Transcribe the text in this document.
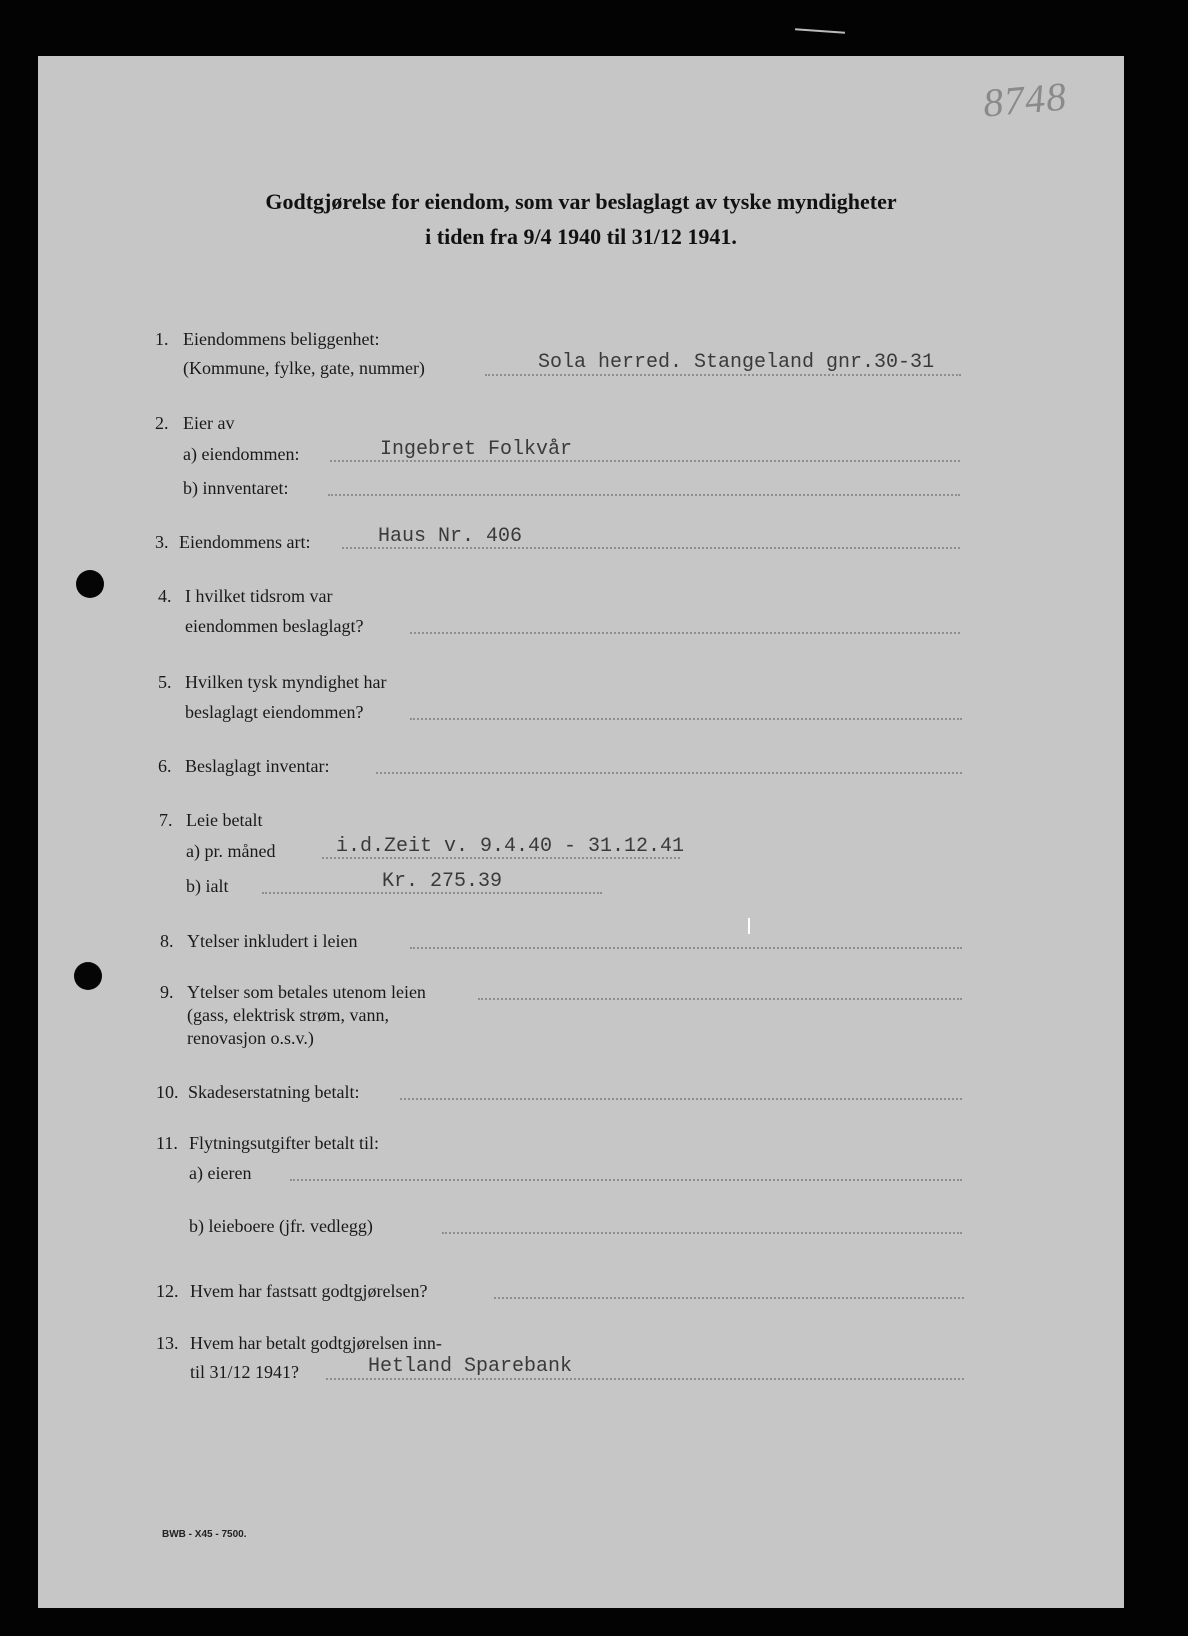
8748
Godtgjørelse for eiendom, som var beslaglagt av tyske myndigheter
i tiden fra 9/4 1940 til 31/12 1941.
1. Eiendommens beliggenhet:
(Kommune, fylke, gate, nummer)	Sola herred. Stangeland gnr.30-31
2. Eier av
a) eiendommen:	Ingebret Folkvår
b) innventaret:
3. Eiendommens art:	Haus Nr. 406
4. I hvilket tidsrom var
eiendommen beslaglagt?
5. Hvilken tysk myndighet har
beslaglagt eiendommen?
6. Beslaglagt inventar:
7. Leie betalt
a) pr. måned	i.d.Zeit v. 9.4.40 - 31.12.41
b) ialt	Kr. 275.39
8. Ytelser inkludert i leien
9. Ytelser som betales utenom leien
(gass, elektrisk strøm, vann,
renovasjon o.s.v.)
10. Skadeserstatning betalt:
11. Flytningsutgifter betalt til:
a) eieren
b) leieboere (jfr. vedlegg)
12. Hvem har fastsatt godtgjørelsen?
13. Hvem har betalt godtgjørelsen inn-
til 31/12 1941?	Hetland Sparebank
BWB - X45 - 7500.
